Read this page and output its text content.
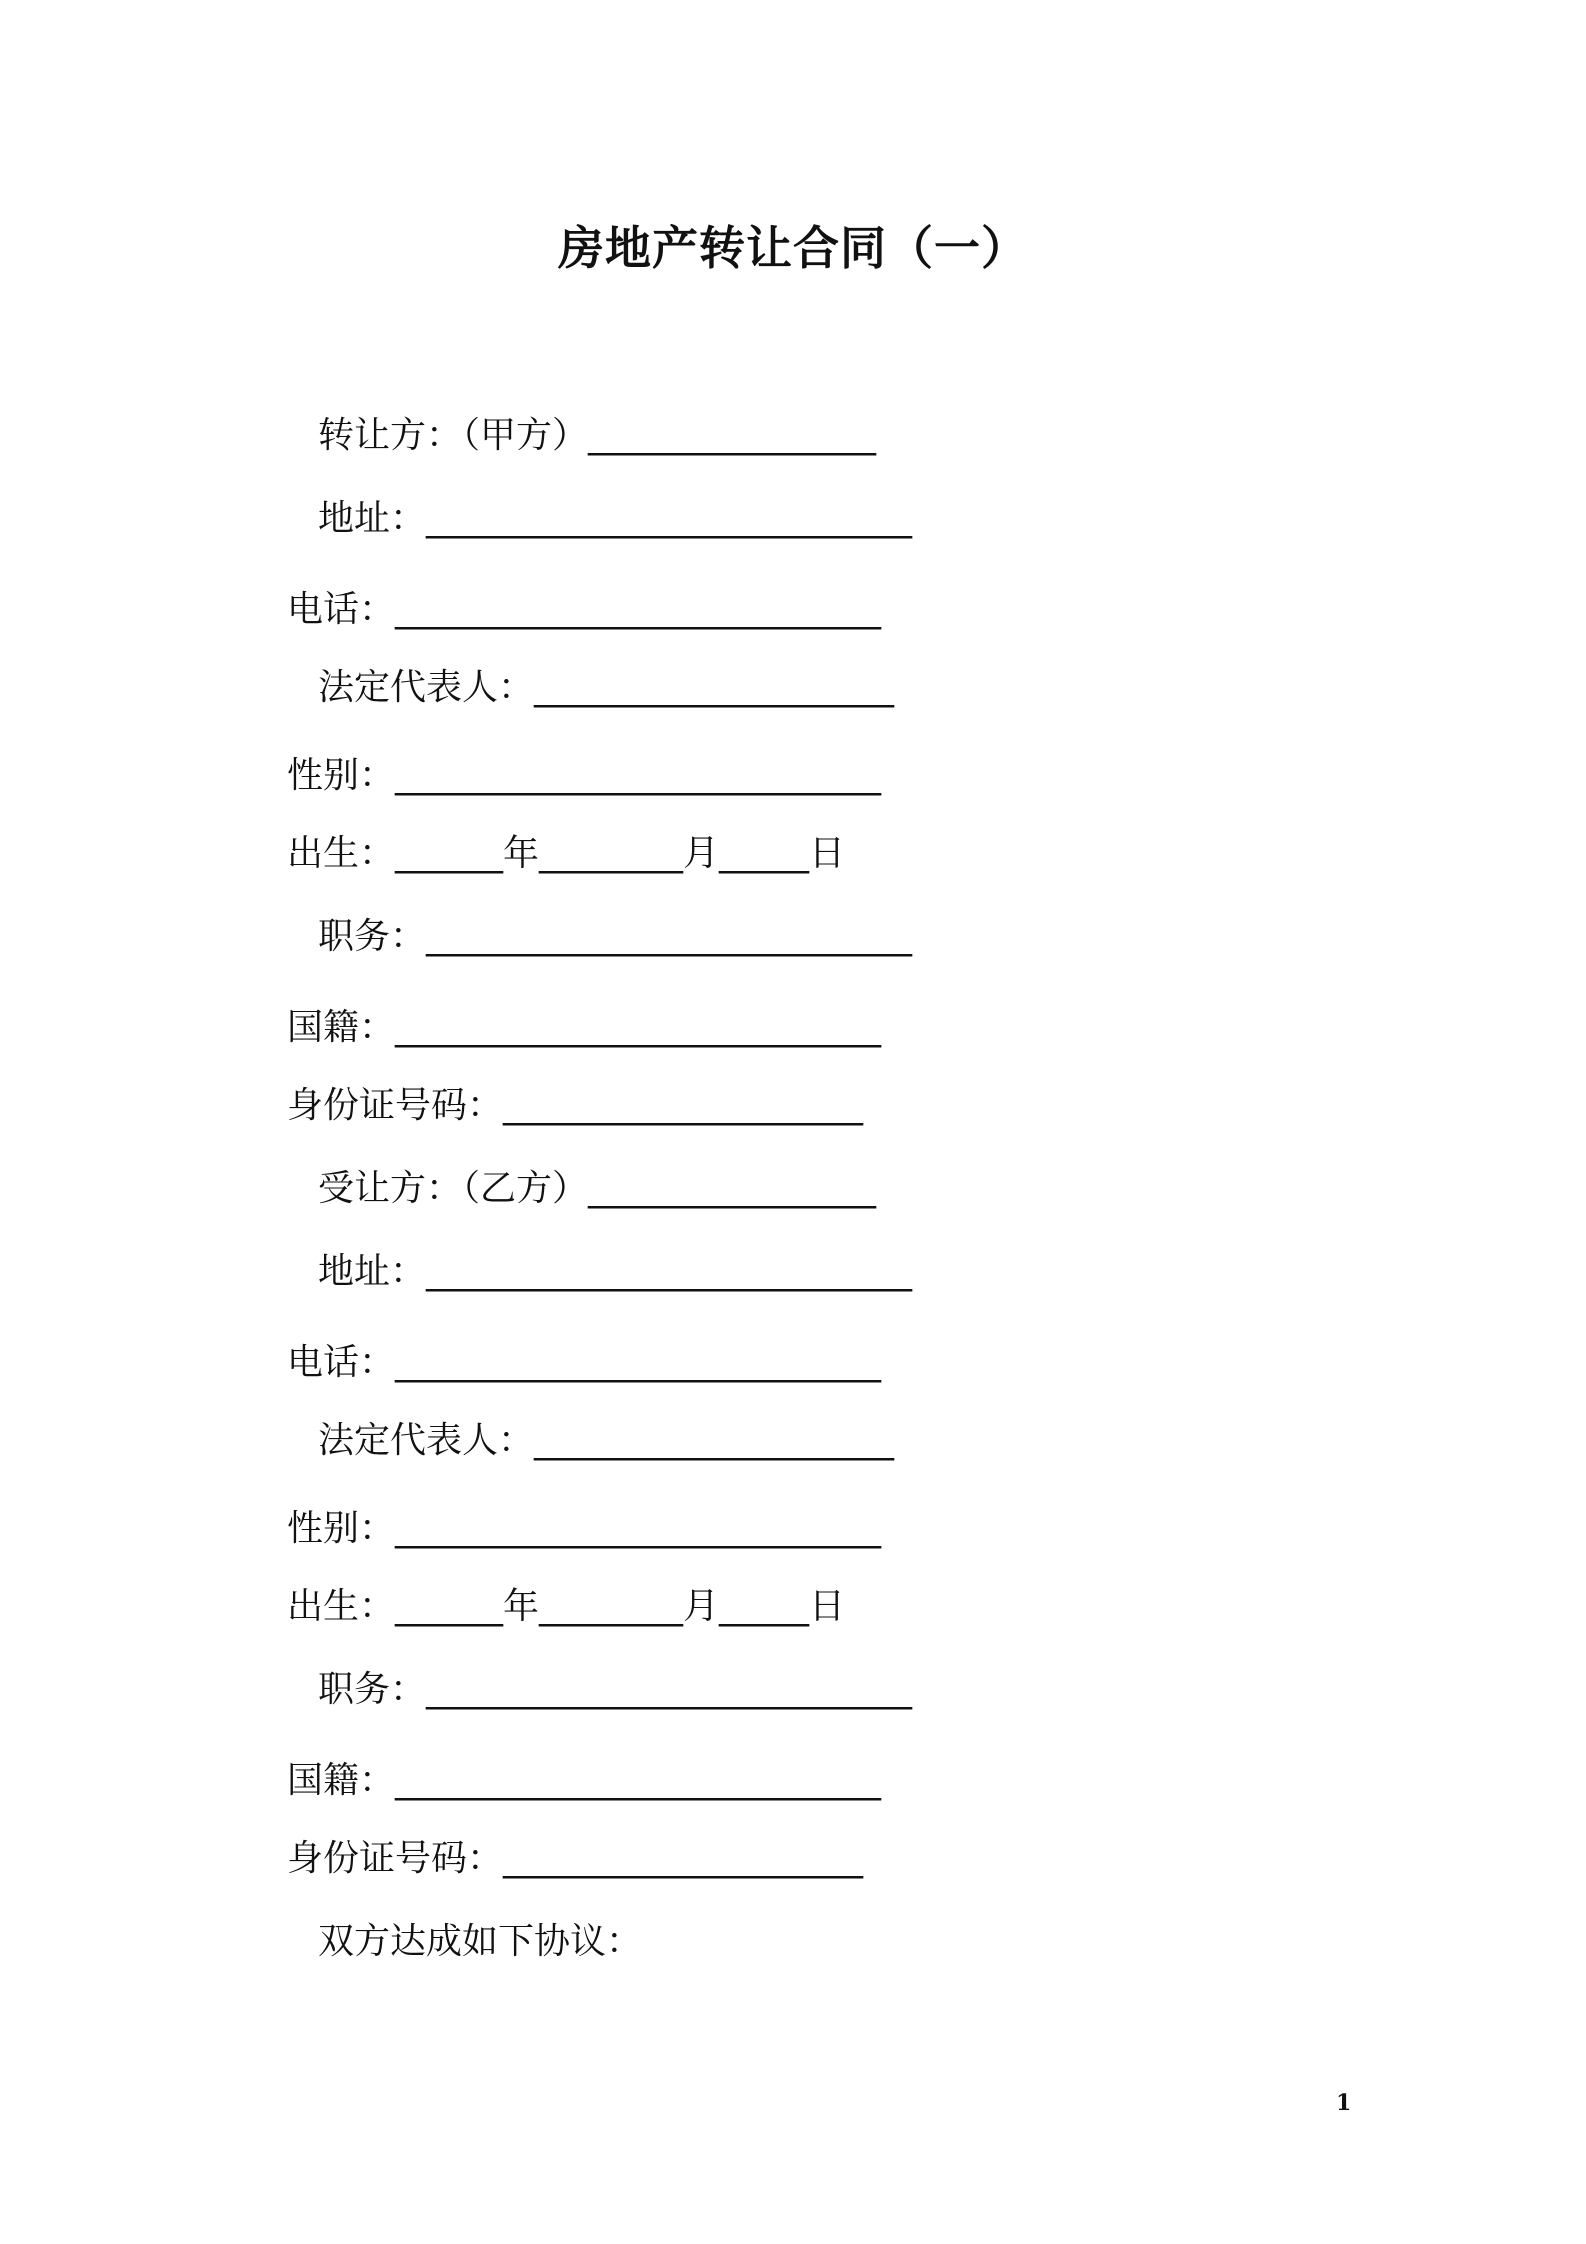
房地产转让合同（一）
转让方：（甲方）________________
地址：___________________________
电话：___________________________
法定代表人：____________________
性别：___________________________
出生：______年________月_____日
职务：___________________________
国籍：___________________________
身份证号码：____________________
受让方：（乙方）________________
地址：___________________________
电话：___________________________
法定代表人：____________________
性别：___________________________
出生：______年________月_____日
职务：___________________________
国籍：___________________________
身份证号码：____________________
双方达成如下协议：
1
